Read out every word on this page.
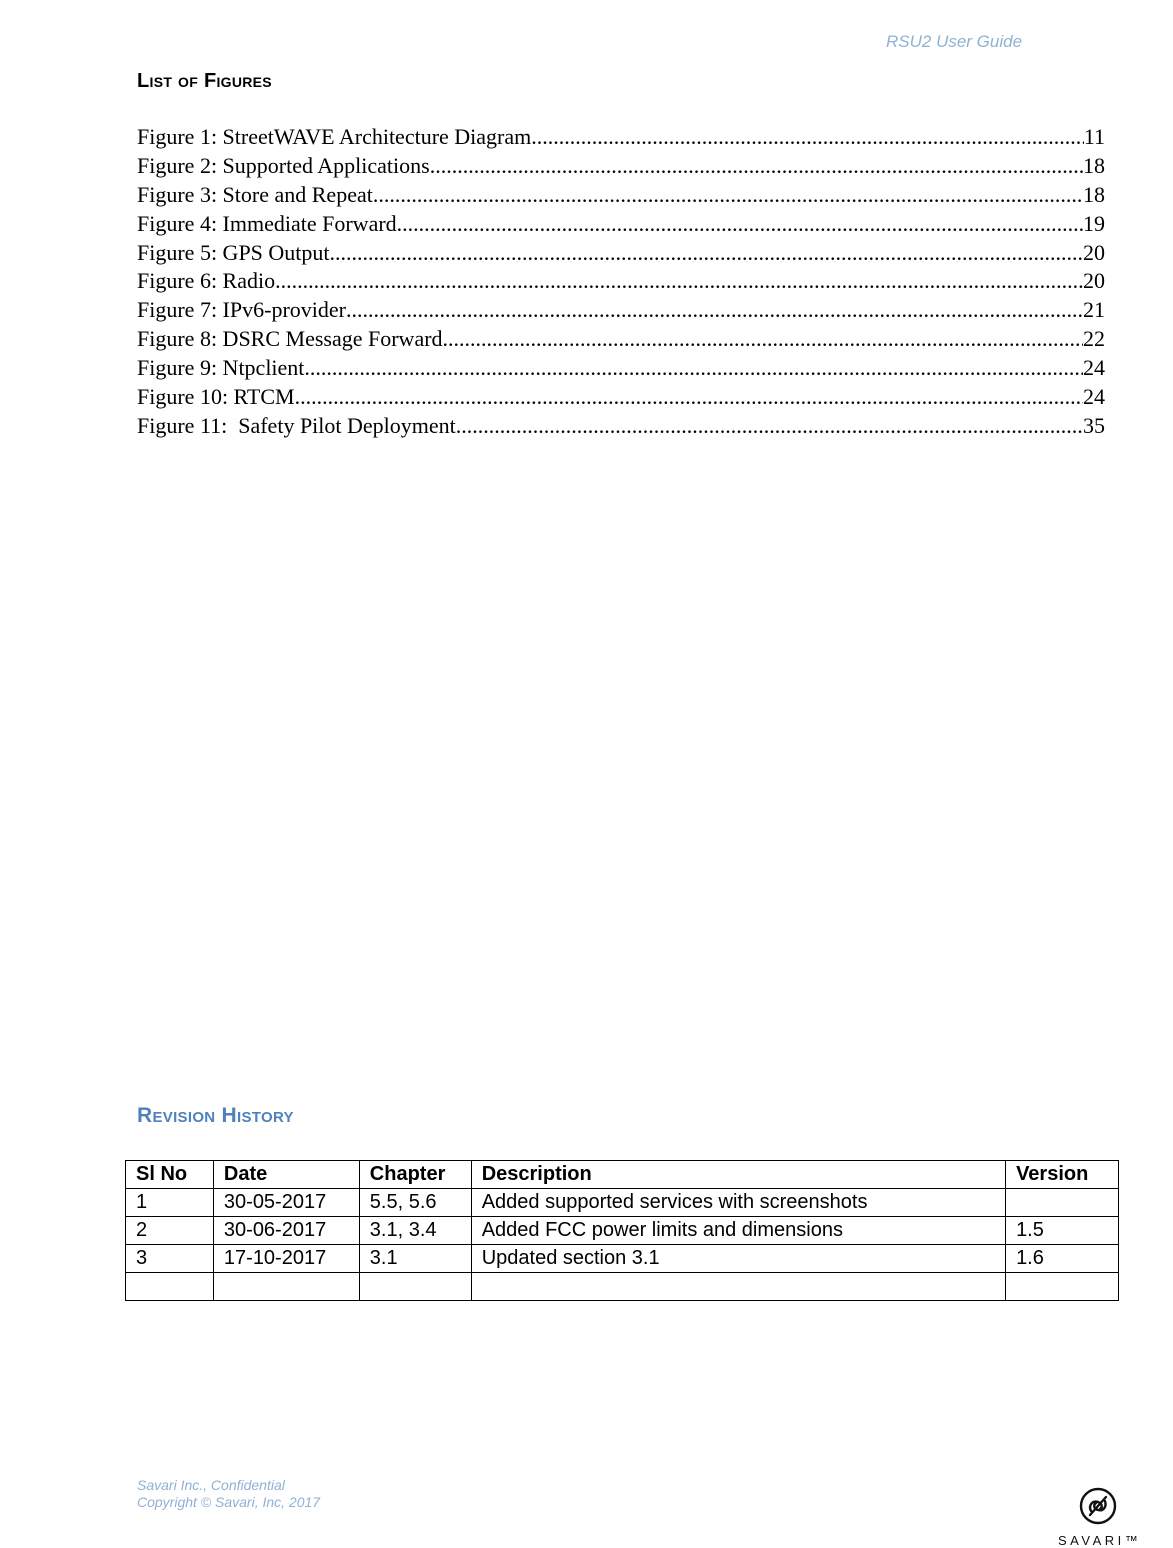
RSU2 User Guide
List of Figures
Figure 1: StreetWAVE Architecture Diagram .....	11
Figure 2: Supported Applications .....	18
Figure 3: Store and Repeat .....	18
Figure 4: Immediate Forward .....	19
Figure 5: GPS Output .....	20
Figure 6: Radio .....	20
Figure 7: IPv6-provider .....	21
Figure 8: DSRC Message Forward .....	22
Figure 9: Ntpclient .....	24
Figure 10: RTCM .....	24
Figure 11:  Safety Pilot Deployment .....	35
Revision History
Sl No	Date	Chapter	Description	Version
1	30-05-2017	5.5, 5.6	Added supported services with screenshots	
2	30-06-2017	3.1, 3.4	Added FCC power limits and dimensions	1.5
3	17-10-2017	3.1	Updated section 3.1	1.6

Savari Inc., Confidential
Copyright © Savari, Inc, 2017
SAVARI™
